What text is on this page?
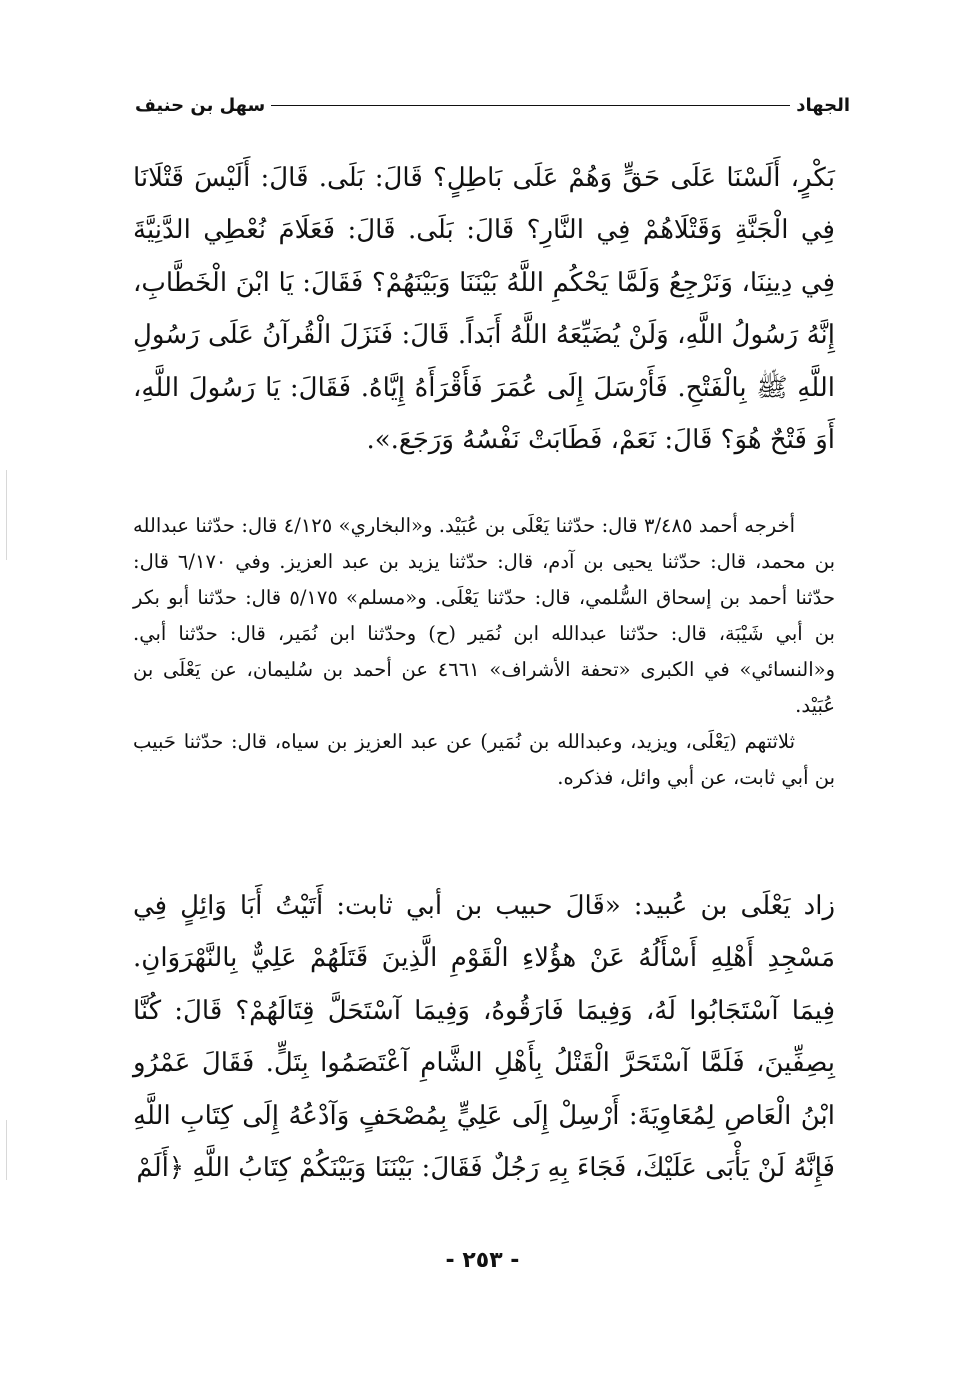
الجهاد
سهل بن حنيف

بَكْرٍ، أَلَسْنَا عَلَى حَقٍّ وَهُمْ عَلَى بَاطِلٍ؟ قَالَ: بَلَى. قَالَ: أَلَيْسَ قَتْلَانَا فِي الْجَنَّةِ وَقَتْلَاهُمْ فِي النَّارِ؟ قَالَ: بَلَى. قَالَ: فَعَلَامَ نُعْطِي الدَّنِيَّةَ فِي دِينِنَا، وَنَرْجِعُ وَلَمَّا يَحْكُمِ اللَّهُ بَيْنَنَا وَبَيْنَهُمْ؟ فَقَالَ: يَا ابْنَ الْخَطَّابِ، إِنَّهُ رَسُولُ اللَّهِ، وَلَنْ يُضَيِّعَهُ اللَّهُ أَبَداً. قَالَ: فَنَزَلَ الْقُرآنُ عَلَى رَسُولِ اللَّهِ ﷺ بِالْفَتْحِ. فَأَرْسَلَ إِلَى عُمَرَ فَأَقْرَأَهُ إِيَّاهُ. فَقَالَ: يَا رَسُولَ اللَّهِ، أَوَ فَتْحٌ هُوَ؟ قَالَ: نَعَمْ، فَطَابَتْ نَفْسُهُ وَرَجَعَ.».

أخرجه أحمد ٣/٤٨٥ قال: حدّثنا يَعْلَى بن عُبَيْد. و«البخاري» ٤/١٢٥ قال: حدّثنا عبدالله بن محمد، قال: حدّثنا يحيى بن آدم، قال: حدّثنا يزيد بن عبد العزيز. وفي ٦/١٧٠ قال: حدّثنا أحمد بن إسحاق السُّلمي، قال: حدّثنا يَعْلَى. و«مسلم» ٥/١٧٥ قال: حدّثنا أبو بكر بن أبي شَيْبَة، قال: حدّثنا عبدالله ابن نُمَير (ح) وحدّثنا ابن نُمَير، قال: حدّثنا أبي. و«النسائي» في الكبرى «تحفة الأشراف» ٤٦٦١ عن أحمد بن سُليمان، عن يَعْلَى بن عُبَيْد.

ثلاثتهم (يَعْلَى، ويزيد، وعبدالله بن نُمَير) عن عبد العزيز بن سياه، قال: حدّثنا حَبيب بن أبي ثابت، عن أبي وائل، فذكره.

زاد يَعْلَى بن عُبيد: «قَالَ حبيب بن أبي ثابت: أَتَيْتُ أَبَا وَائِلٍ فِي مَسْجِدِ أَهْلِهِ أَسْأَلُهُ عَنْ هؤُلاءِ الْقَوْمِ الَّذِينَ قَتَلَهُمْ عَلِيٌّ بِالنَّهْرَوَانِ. فِيمَا آسْتَجَابُوا لَهُ، وَفِيمَا فَارَقُوهُ، وَفِيمَا آسْتَحَلَّ قِتَالَهُمْ؟ قَالَ: كُنَّا بِصِفِّينَ، فَلَمَّا آسْتَحَرَّ الْقَتْلُ بِأَهْلِ الشَّامِ آعْتَصَمُوا بِتَلٍّ. فَقَالَ عَمْرُو ابْنُ الْعَاصِ لِمُعَاوِيَةَ: أَرْسِلْ إِلَى عَلِيٍّ بِمُصْحَفٍ وَآدْعُهُ إِلَى كِتَابِ اللَّهِ فَإِنَّهُ لَنْ يَأْبَى عَلَيْكَ، فَجَاءَ بِهِ رَجُلٌ فَقَالَ: بَيْنَنَا وَبَيْنَكُمْ كِتَابُ اللَّهِ ﴿أَلَمْ

- ٢٥٣ -
